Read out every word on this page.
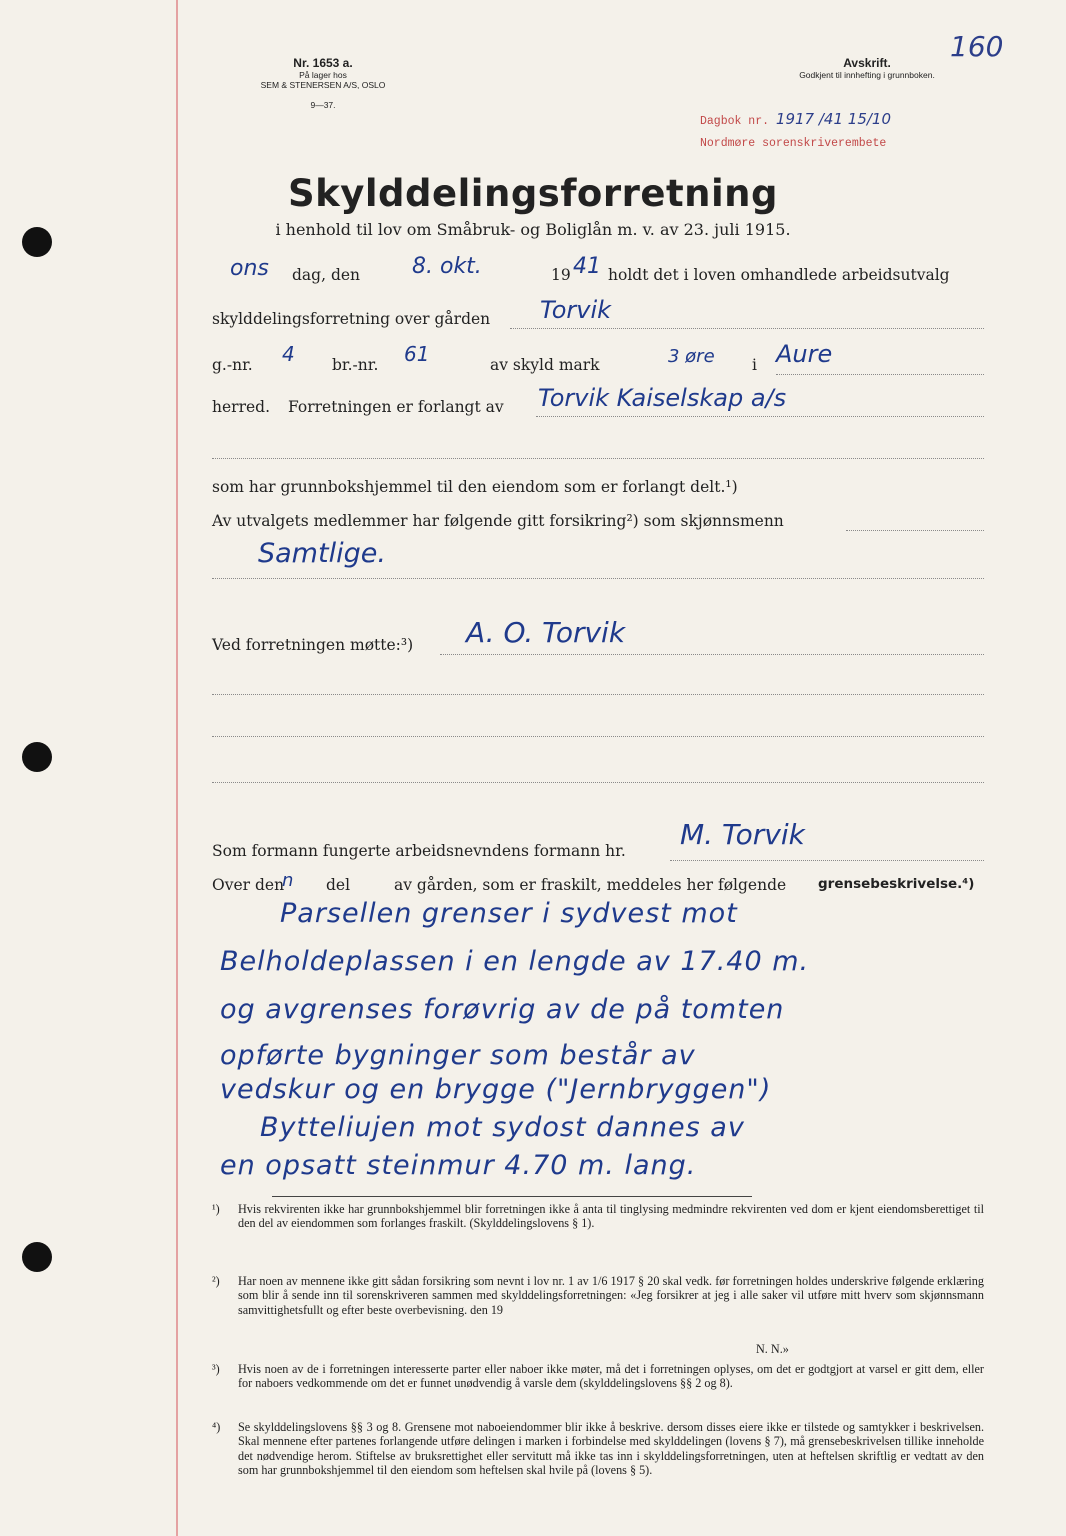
Nr. 1653 a.
På lager hos
SEM & STENERSEN A/S, OSLO
9—37.
Avskrift.
Godkjent til innhefting i grunnboken.
160
Dagbok nr. 1917 /41 15/10
Nordmøre sorenskriverembete
Skylddelingsforretning
i henhold til lov om Småbruk- og Boliglån m. v. av 23. juli 1915.
ons dag, den 8. okt.	19 41 holdt det i loven omhandlede arbeidsutvalg
skylddelingsforretning over gården Torvik
g.-nr. 4 br.-nr. 61	av skyld mark	3 øre i Aure
herred. Forretningen er forlangt av Torvik Kaiselskap a/s
som har grunnbokshjemmel til den eiendom som er forlangt delt.¹)
Av utvalgets medlemmer har følgende gitt forsikring²) som skjønnsmenn
Samtlige.
Ved forretningen møtte:³) A. O. Torvik
Som formann fungerte arbeidsnevndens formann hr. M. Torvik
Over den
n del	av gården, som er fraskilt, meddeles her følgende grensebeskrivelse.⁴)
Parsellen grenser i sydvest mot
Belholdeplassen i en lengde av 17.40 m.
og avgrenses forøvrig av de på tomten
opførte bygninger som består av
vedskur og en brygge ("Jernbryggen")
Bytteliujen mot sydost dannes av
en opsatt steinmur 4.70 m. lang.
¹) Hvis rekvirenten ikke har grunnbokshjemmel blir forretningen ikke å anta til tinglysing medmindre rekvirenten ved dom er kjent eiendomsberettiget til den del av eiendommen som forlanges fraskilt. (Skylddelingslovens § 1).
²) Har noen av mennene ikke gitt sådan forsikring som nevnt i lov nr. 1 av 1/6 1917 § 20 skal vedk. før forretningen holdes underskrive følgende erklæring som blir å sende inn til sorenskriveren sammen med skylddelingsforretningen: «Jeg forsikrer at jeg i alle saker vil utføre mitt hverv som skjønnsmann samvittighetsfullt og efter beste overbevisning. den 19
N. N.»
³) Hvis noen av de i forretningen interesserte parter eller naboer ikke møter, må det i forretningen oplyses, om det er godtgjort at varsel er gitt dem, eller for naboers vedkommende om det er funnet unødvendig å varsle dem (skylddelingslovens §§ 2 og 8).
⁴) Se skylddelingslovens §§ 3 og 8. Grensene mot naboeiendommer blir ikke å beskrive. dersom disses eiere ikke er tilstede og samtykker i beskrivelsen. Skal mennene efter partenes forlangende utføre delingen i marken i forbindelse med skylddelingen (lovens § 7), må grensebeskrivelsen tillike inneholde det nødvendige herom. Stiftelse av bruksrettighet eller servitutt må ikke tas inn i skylddelingsforretningen, uten at heftelsen skriftlig er vedtatt av den som har grunnbokshjemmel til den eiendom som heftelsen skal hvile på (lovens § 5).
